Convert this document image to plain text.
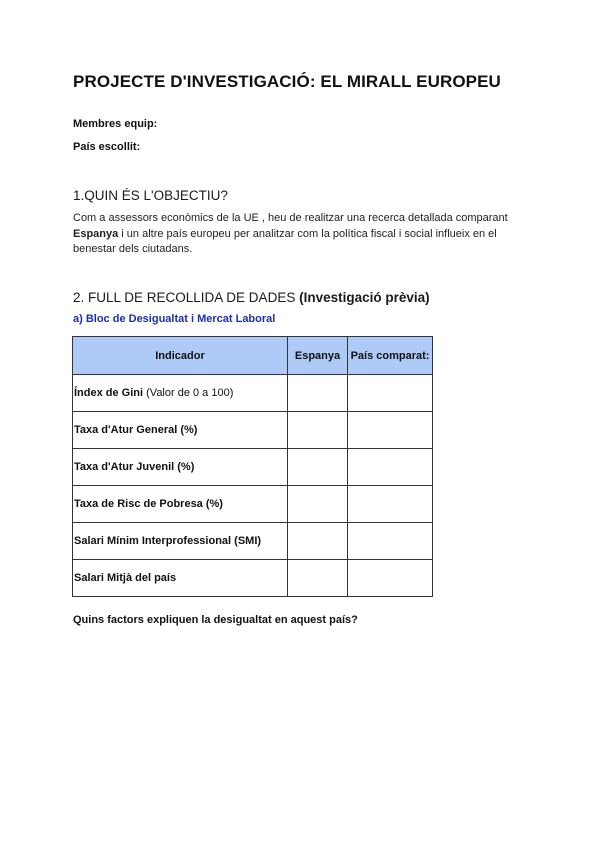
PROJECTE D'INVESTIGACIÓ: EL MIRALL EUROPEU
Membres equip:
País escollit:
1.QUIN ÉS L'OBJECTIU?
Com a assessors econòmics de la UE , heu de realitzar una recerca detallada comparant
Espanya i un altre país europeu per analitzar com la política fiscal i social influeix en el
benestar dels ciutadans.
2. FULL DE RECOLLIDA DE DADES (Investigació prèvia)
a) Bloc de Desigualtat i Mercat Laboral
Indicador	Espanya	País comparat:
Índex de Gini (Valor de 0 a 100)		
Taxa d'Atur General (%)		
Taxa d'Atur Juvenil (%)		
Taxa de Risc de Pobresa (%)		
Salari Mínim Interprofessional (SMI)		
Salari Mitjà del país		
Quins factors expliquen la desigualtat en aquest país?
